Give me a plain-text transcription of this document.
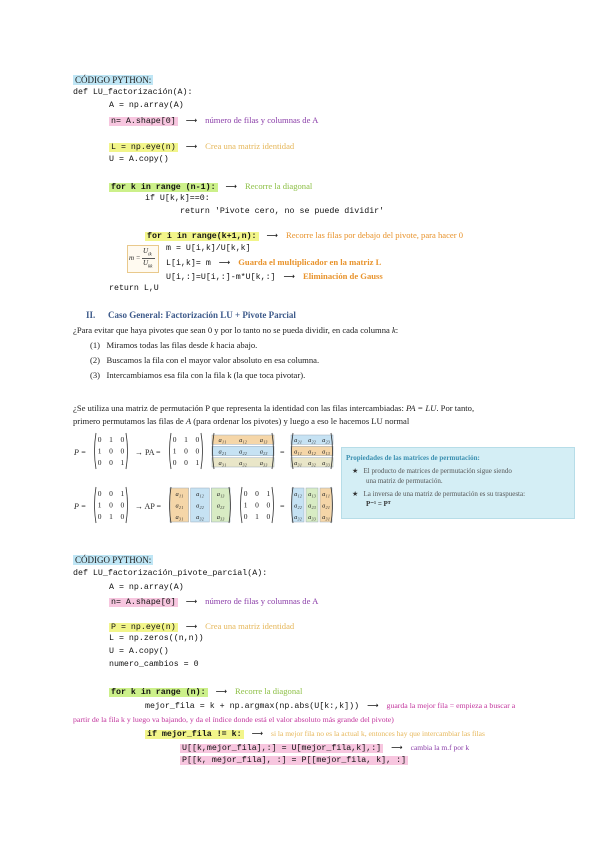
CÓDIGO PYTHON:
def LU_factorización(A):
A = np.array(A)
n= A.shape[0] ⟶ número de filas y columnas de A
L = np.eye(n) ⟶ Crea una matriz identidad
U = A.copy()
for k in range (n-1): ⟶ Recorre la diagonal
if U[k,k]==0:
return 'Pivote cero, no se puede dividir'
for i in range(k+1,n): ⟶ Recorre las filas por debajo del pivote, para hacer 0
m =
$U_{ik}$
$U_{kk}$
m = U[i,k]/U[k,k]
L[i,k]= m ⟶ Guarda el multiplicador en la matriz L
U[i,:]=U[i,:]-m*U[k,:] ⟶ Eliminación de Gauss
return L,U
II. Caso General: Factorización LU + Pivote Parcial
¿Para evitar que haya pivotes que sean 0 y por lo tanto no se pueda dividir, en cada columna k:
(1) Miramos todas las filas desde k hacia abajo.
(2) Buscamos la fila con el mayor valor absoluto en esa columna.
(3) Intercambiamos esa fila con la fila k (la que toca pivotar).
¿Se utiliza una matriz de permutación P que representa la identidad con las filas intercambiadas: PA = LU. Por tanto,
primero permutamos las filas de A (para ordenar los pivotes) y luego a eso le hacemos LU normal
P =
0 1 0
1 0 0
0 0 1
→ PA =
0 1 0
1 0 0
0 0 1
a₁₁ a₁₂ a₁₃
a₂₁ a₂₂ a₂₃
a₃₁ a₃₂ a₃₃
=
a₂₁ a₂₂ a₂₃
a₁₁ a₁₂ a₁₃
a₃₁ a₃₂ a₃₃
P =
0 0 1
1 0 0
0 1 0
→ AP =
a₁₁ a₁₂ a₁₃
a₂₁ a₂₂ a₂₃
a₃₁ a₃₂ a₃₃
0 0 1
1 0 0
0 1 0
=
a₁₂ a₁₃ a₁₁
a₂₂ a₂₃ a₂₁
a₃₂ a₃₃ a₃₁
Propiedades de las matrices de permutación:
★ El producto de matrices de permutación sigue siendo
una matriz de permutación.
★ La inversa de una matriz de permutación es su traspuesta:
P⁻¹ = Pᵀ
CÓDIGO PYTHON:
def LU_factorización_pivote_parcial(A):
A = np.array(A)
n= A.shape[0] ⟶ número de filas y columnas de A
P = np.eye(n) ⟶ Crea una matriz identidad
L = np.zeros((n,n))
U = A.copy()
numero_cambios = 0
for k in range (n): ⟶ Recorre la diagonal
mejor_fila = k + np.argmax(np.abs(U[k:,k])) ⟶ guarda la mejor fila = empieza a buscar a
partir de la fila k y luego va bajando, y da el índice donde está el valor absoluto más grande del pivote)
if mejor_fila != k: ⟶ si la mejor fila no es la actual k, entonces hay que intercambiar las filas
U[[k,mejor_fila],:] = U[mejor_fila,k],:] ⟶ cambia la m.f por k
P[[k, mejor_fila], :] = P[[mejor_fila, k], :]
